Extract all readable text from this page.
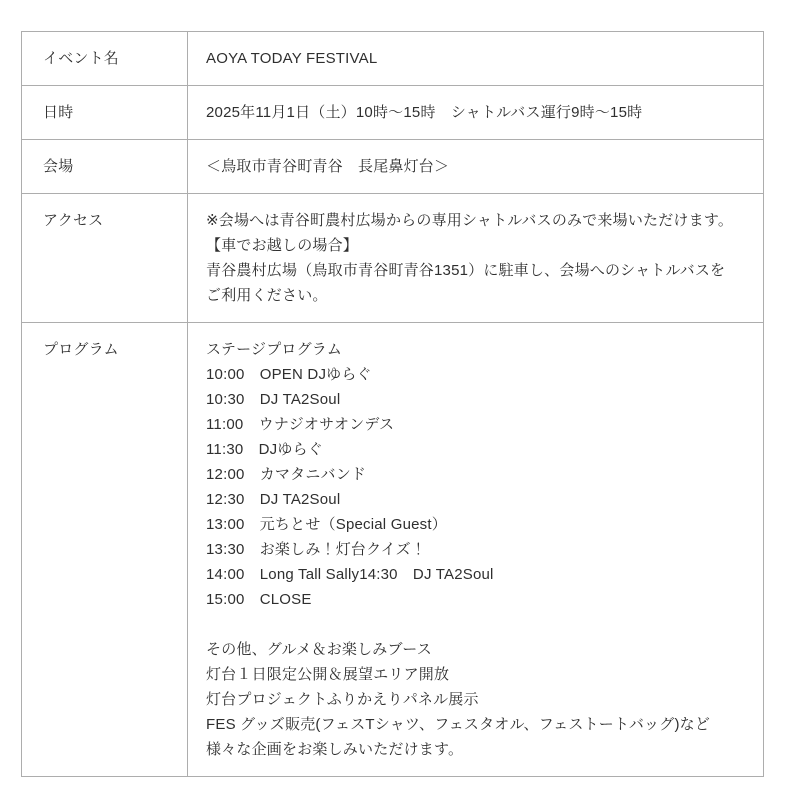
イベント名	AOYA TODAY FESTIVAL

日時	2025年11月1日（土）10時〜15時　シャトルバス運行9時〜15時

会場	＜鳥取市青谷町青谷　長尾鼻灯台＞

アクセス	※会場へは青谷町農村広場からの専用シャトルバスのみで来場いただけます。
【車でお越しの場合】
青谷農村広場（鳥取市青谷町青谷1351）に駐車し、会場へのシャトルバスを
ご利用ください。

プログラム	ステージプログラム
10:00　OPEN DJゆらぐ
10:30　DJ TA2Soul
11:00　ウナジオサオンデス
11:30　DJゆらぐ
12:00　カマタニバンド
12:30　DJ TA2Soul
13:00　元ちとせ（Special Guest）
13:30　お楽しみ！灯台クイズ！
14:00　Long Tall Sally14:30　DJ TA2Soul
15:00　CLOSE
その他、グルメ＆お楽しみブース
灯台１日限定公開＆展望エリア開放
灯台プロジェクトふりかえりパネル展示
FES グッズ販売(フェスTシャツ、フェスタオル、フェストートバッグ)など
様々な企画をお楽しみいただけます。
